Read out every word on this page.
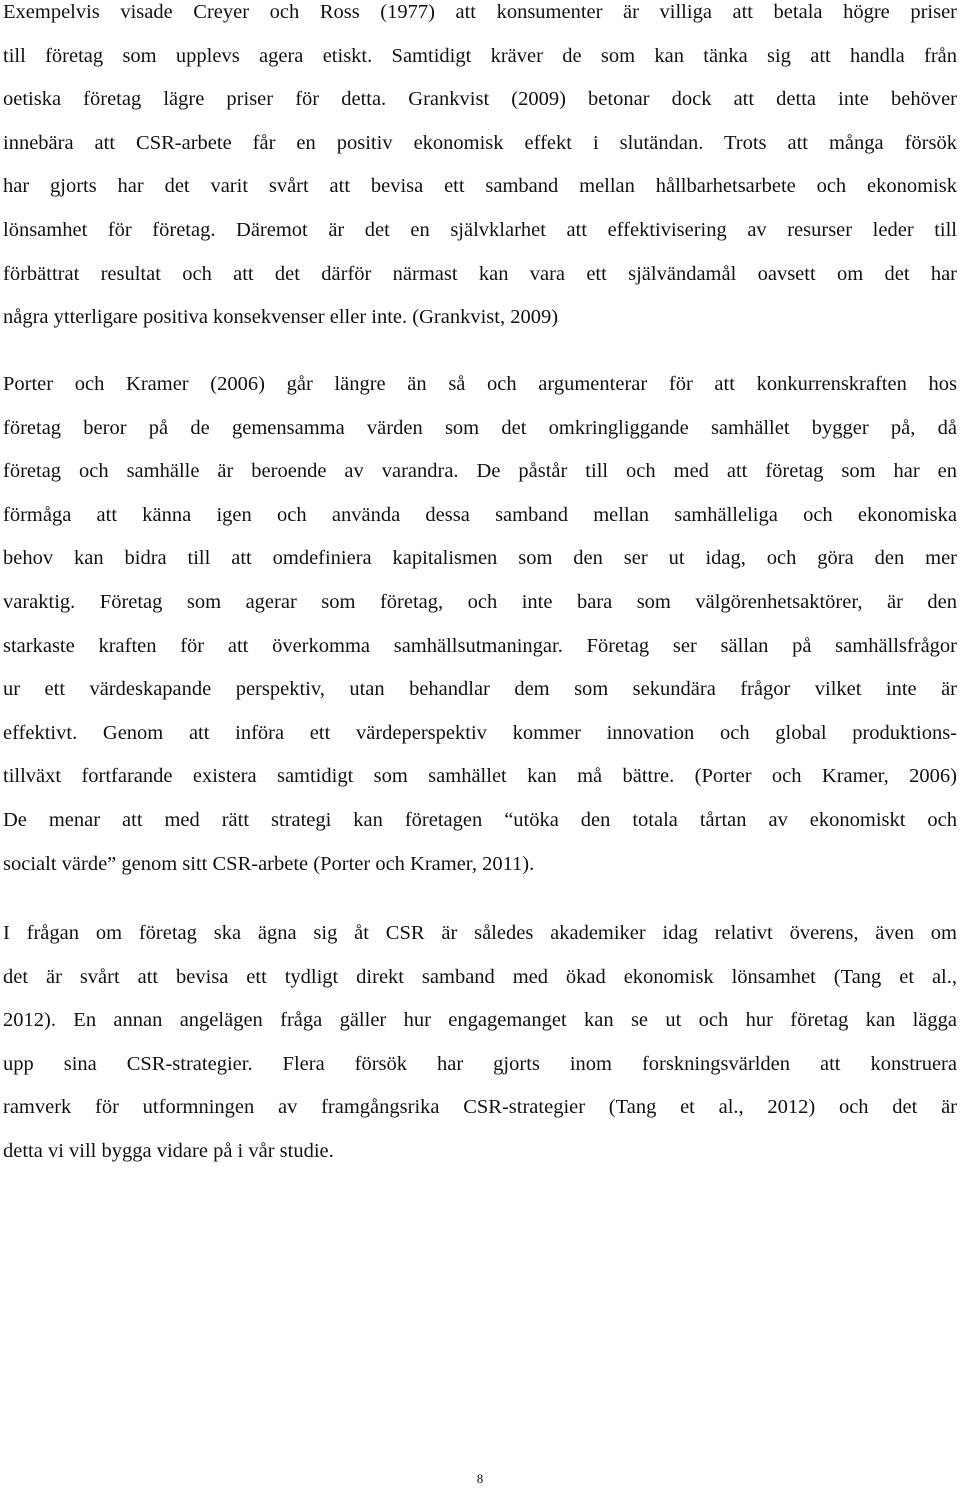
Exempelvis visade Creyer och Ross (1977) att konsumenter är villiga att betala högre priser
till företag som upplevs agera etiskt. Samtidigt kräver de som kan tänka sig att handla från
oetiska företag lägre priser för detta. Grankvist (2009) betonar dock att detta inte behöver
innebära att CSR-arbete får en positiv ekonomisk effekt i slutändan. Trots att många försök
har gjorts har det varit svårt att bevisa ett samband mellan hållbarhetsarbete och ekonomisk
lönsamhet för företag. Däremot är det en självklarhet att effektivisering av resurser leder till
förbättrat resultat och att det därför närmast kan vara ett självändamål oavsett om det har
några ytterligare positiva konsekvenser eller inte. (Grankvist, 2009)
Porter och Kramer (2006) går längre än så och argumenterar för att konkurrenskraften hos
företag beror på de gemensamma värden som det omkringliggande samhället bygger på, då
företag och samhälle är beroende av varandra. De påstår till och med att företag som har en
förmåga att känna igen och använda dessa samband mellan samhälleliga och ekonomiska
behov kan bidra till att omdefiniera kapitalismen som den ser ut idag, och göra den mer
varaktig. Företag som agerar som företag, och inte bara som välgörenhetsaktörer, är den
starkaste kraften för att överkomma samhällsutmaningar. Företag ser sällan på samhällsfrågor
ur ett värdeskapande perspektiv, utan behandlar dem som sekundära frågor vilket inte är
effektivt. Genom att införa ett värdeperspektiv kommer innovation och global produktions-
tillväxt fortfarande existera samtidigt som samhället kan må bättre. (Porter och Kramer, 2006)
De menar att med rätt strategi kan företagen “utöka den totala tårtan av ekonomiskt och
socialt värde” genom sitt CSR-arbete (Porter och Kramer, 2011).
I frågan om företag ska ägna sig åt CSR är således akademiker idag relativt överens, även om
det är svårt att bevisa ett tydligt direkt samband med ökad ekonomisk lönsamhet (Tang et al.,
2012). En annan angelägen fråga gäller hur engagemanget kan se ut och hur företag kan lägga
upp sina CSR-strategier. Flera försök har gjorts inom forskningsvärlden att konstruera
ramverk för utformningen av framgångsrika CSR-strategier (Tang et al., 2012) och det är
detta vi vill bygga vidare på i vår studie.
8
